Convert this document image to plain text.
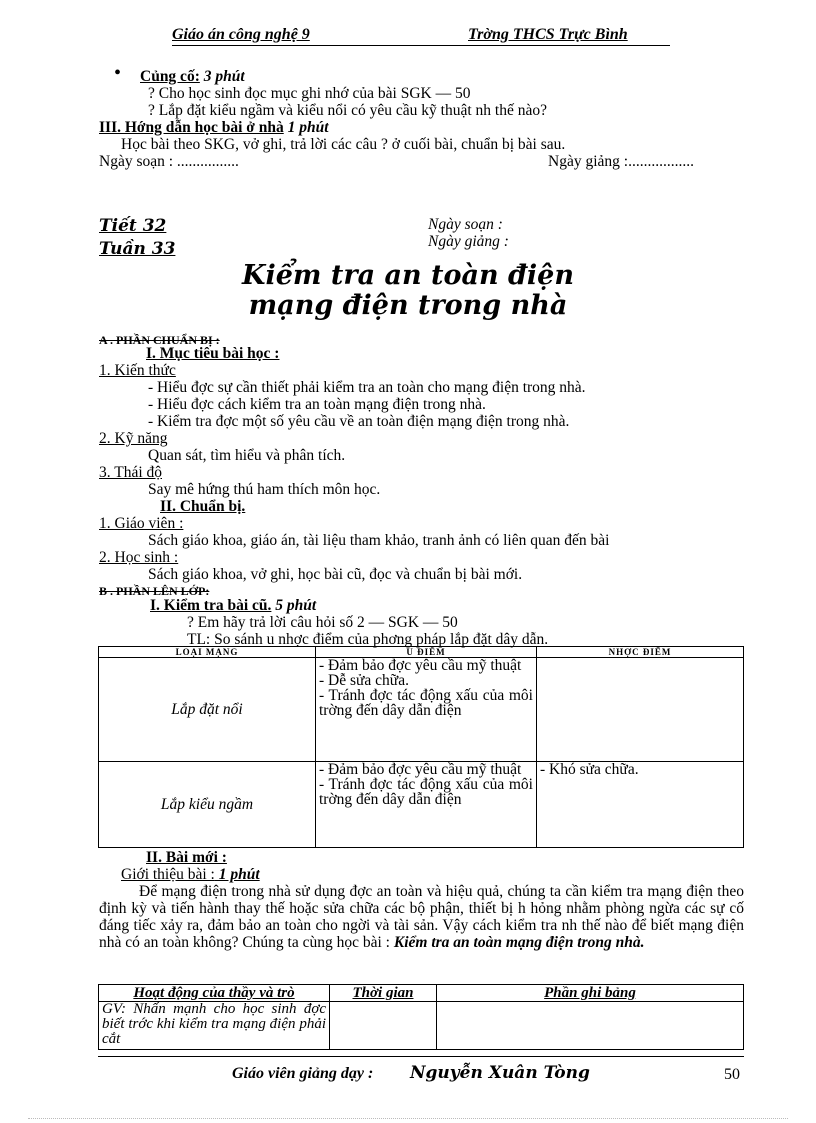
Giáo án công nghệ 9	Trờng THCS Trực Bình
• Củng cố: 3 phút
? Cho học sinh đọc mục ghi nhớ của bài SGK — 50
? Lắp đặt kiểu ngầm và kiểu nổi có yêu cầu kỹ thuật nh thế nào?
III. Hớng dẫn học bài ở nhà 1 phút
Học bài theo SKG, vở ghi, trả lời các câu ? ở cuối bài, chuẩn bị bài sau.
Ngày soạn : ................	Ngày giảng :.................
Tiết 32
Tuần 33
Ngày soạn :
Ngày giảng :
Kiểm tra an toàn điện
mạng điện trong nhà
A . PHẦN CHUẨN BỊ :
I. Mục tiêu bài học :
1. Kiến thức
- Hiểu đợc sự cần thiết phải kiểm tra an toàn cho mạng điện trong nhà.
- Hiểu đợc cách kiểm tra an toàn mạng điện trong nhà.
- Kiểm tra đợc một số yêu cầu về an toàn điện mạng điện trong nhà.
2. Kỹ năng
Quan sát, tìm hiểu và phân tích.
3. Thái độ
Say mê hứng thú ham thích môn học.
II. Chuẩn bị.
1. Giáo viên :
Sách giáo khoa, giáo án, tài liệu tham khảo, tranh ảnh có liên quan đến bài
2. Học sinh :
Sách giáo khoa, vở ghi, học bài cũ, đọc và chuẩn bị bài mới.
B . PHẦN LÊN LỚP:
I. Kiểm tra bài cũ. 5 phút
? Em hãy trả lời câu hỏi số 2 — SGK — 50
TL: So sánh u nhợc điểm của phơng pháp lắp đặt dây dẫn.
LOẠI MẠNG	U ĐIỂM	NHỢC ĐIỂM
Lắp đặt nổi	- Đảm bảo đợc yêu cầu mỹ thuật
- Dễ sửa chữa.
- Tránh đợc tác động xấu của môi trờng đến dây dẫn điện	
Lắp kiểu ngầm	- Đảm bảo đợc yêu cầu mỹ thuật
- Tránh đợc tác động xấu của môi trờng đến dây dẫn điện	- Khó sửa chữa.
II. Bài mới :
Giới thiệu bài : 1 phút
Để mạng điện trong nhà sử dụng đợc an toàn và hiệu quả, chúng ta cần kiểm tra mạng điện theo định kỳ và tiến hành thay thế hoặc sửa chữa các bộ phận, thiết bị h hỏng nhằm phòng ngừa các sự cố đáng tiếc xảy ra, đảm bảo an toàn cho ngời và tài sản. Vậy cách kiểm tra nh thế nào để biết mạng điện nhà có an toàn không? Chúng ta cùng học bài : Kiểm tra an toàn mạng điện trong nhà.
Hoạt động của thầy và trò	Thời gian	Phần ghi bảng
GV: Nhấn mạnh cho học sinh đợc biết trớc khi kiểm tra mạng điện phải cắt		
Giáo viên giảng dạy : Nguyễn Xuân Tòng	50
